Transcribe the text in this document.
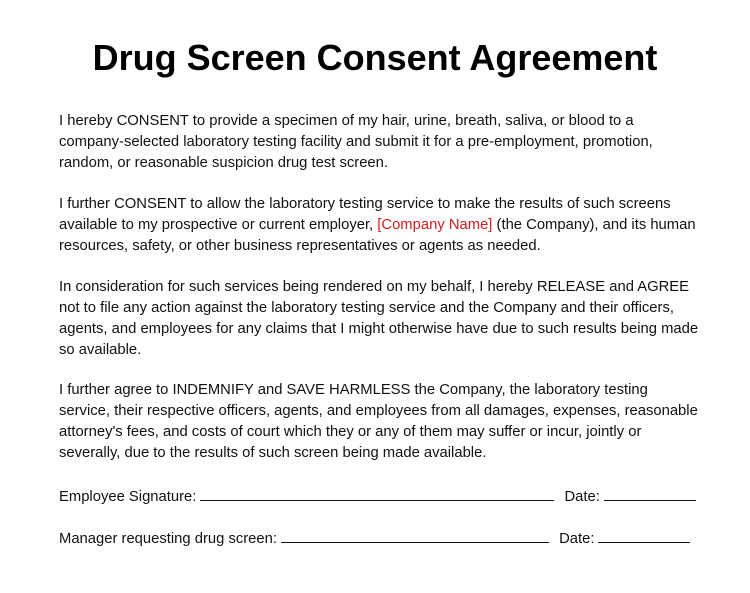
Drug Screen Consent Agreement

I hereby CONSENT to provide a specimen of my hair, urine, breath, saliva, or blood to a company-selected laboratory testing facility and submit it for a pre-employment, promotion, random, or reasonable suspicion drug test screen.

I further CONSENT to allow the laboratory testing service to make the results of such screens available to my prospective or current employer, [Company Name] (the Company), and its human resources, safety, or other business representatives or agents as needed.

In consideration for such services being rendered on my behalf, I hereby RELEASE and AGREE not to file any action against the laboratory testing service and the Company and their officers, agents, and employees for any claims that I might otherwise have due to such results being made so available.

I further agree to INDEMNIFY and SAVE HARMLESS the Company, the laboratory testing service, their respective officers, agents, and employees from all damages, expenses, reasonable attorney's fees, and costs of court which they or any of them may suffer or incur, jointly or severally, due to the results of such screen being made available.

Employee Signature:	Date:
Manager requesting drug screen:	Date:
